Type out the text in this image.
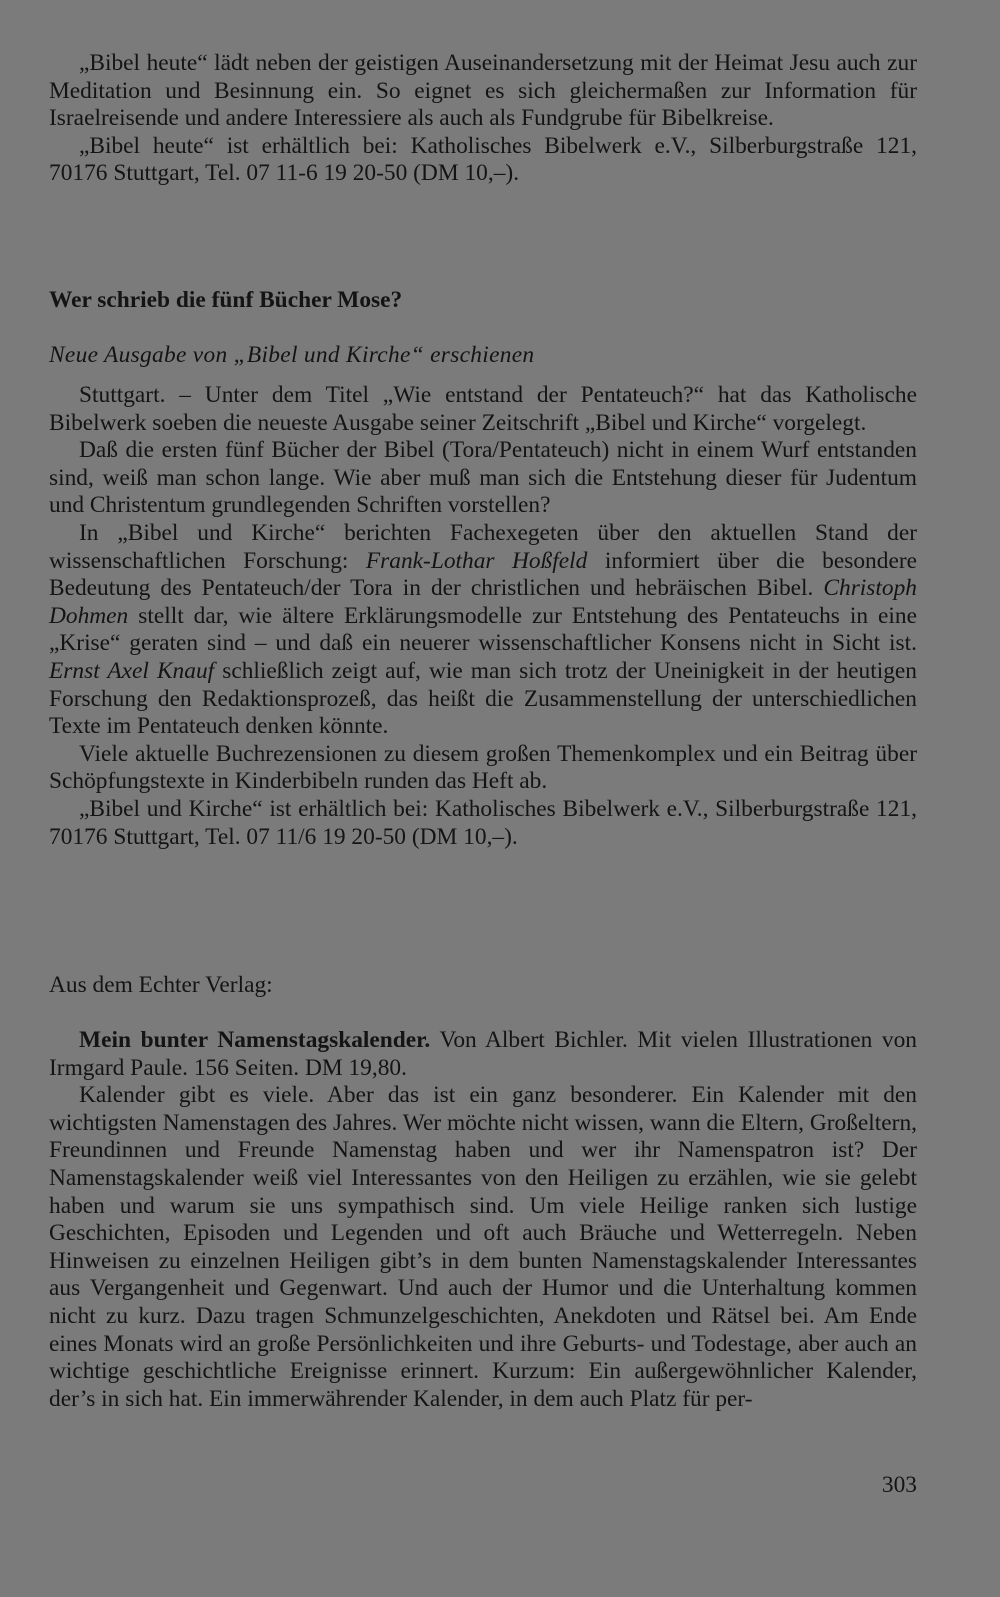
„Bibel heute“ lädt neben der geistigen Auseinandersetzung mit der Heimat Jesu auch zur Meditation und Besinnung ein. So eignet es sich gleichermaßen zur Information für Israelreisende und andere Interessiere als auch als Fundgrube für Bibelkreise.

„Bibel heute“ ist erhältlich bei: Katholisches Bibelwerk e.V., Silberburgstraße 121, 70176 Stuttgart, Tel. 07 11-6 19 20-50 (DM 10,–).

Wer schrieb die fünf Bücher Mose?

Neue Ausgabe von „Bibel und Kirche“ erschienen

Stuttgart. – Unter dem Titel „Wie entstand der Pentateuch?“ hat das Katholische Bibelwerk soeben die neueste Ausgabe seiner Zeitschrift „Bibel und Kirche“ vorgelegt.

Daß die ersten fünf Bücher der Bibel (Tora/Pentateuch) nicht in einem Wurf entstanden sind, weiß man schon lange. Wie aber muß man sich die Entstehung dieser für Judentum und Christentum grundlegenden Schriften vorstellen?

In „Bibel und Kirche“ berichten Fachexegeten über den aktuellen Stand der wissenschaftlichen Forschung: Frank-Lothar Hoßfeld informiert über die besondere Bedeutung des Pentateuch/der Tora in der christlichen und hebräischen Bibel. Christoph Dohmen stellt dar, wie ältere Erklärungsmodelle zur Entstehung des Pentateuchs in eine „Krise“ geraten sind – und daß ein neuerer wissenschaftlicher Konsens nicht in Sicht ist. Ernst Axel Knauf schließlich zeigt auf, wie man sich trotz der Uneinigkeit in der heutigen Forschung den Redaktionsprozeß, das heißt die Zusammenstellung der unterschiedlichen Texte im Pentateuch denken könnte.

Viele aktuelle Buchrezensionen zu diesem großen Themenkomplex und ein Beitrag über Schöpfungstexte in Kinderbibeln runden das Heft ab.

„Bibel und Kirche“ ist erhältlich bei: Katholisches Bibelwerk e.V., Silberburgstraße 121, 70176 Stuttgart, Tel. 07 11/6 19 20-50 (DM 10,–).

Aus dem Echter Verlag:

Mein bunter Namenstagskalender. Von Albert Bichler. Mit vielen Illustrationen von Irmgard Paule. 156 Seiten. DM 19,80.

Kalender gibt es viele. Aber das ist ein ganz besonderer. Ein Kalender mit den wichtigsten Namenstagen des Jahres. Wer möchte nicht wissen, wann die Eltern, Großeltern, Freundinnen und Freunde Namenstag haben und wer ihr Namenspatron ist? Der Namenstagskalender weiß viel Interessantes von den Heiligen zu erzählen, wie sie gelebt haben und warum sie uns sympathisch sind. Um viele Heilige ranken sich lustige Geschichten, Episoden und Legenden und oft auch Bräuche und Wetterregeln. Neben Hinweisen zu einzelnen Heiligen gibt’s in dem bunten Namenstagskalender Interessantes aus Vergangenheit und Gegenwart. Und auch der Humor und die Unterhaltung kommen nicht zu kurz. Dazu tragen Schmunzelgeschichten, Anekdoten und Rätsel bei. Am Ende eines Monats wird an große Persönlichkeiten und ihre Geburts- und Todestage, aber auch an wichtige geschichtliche Ereignisse erinnert. Kurzum: Ein außergewöhnlicher Kalender, der’s in sich hat. Ein immerwährender Kalender, in dem auch Platz für per-

303
